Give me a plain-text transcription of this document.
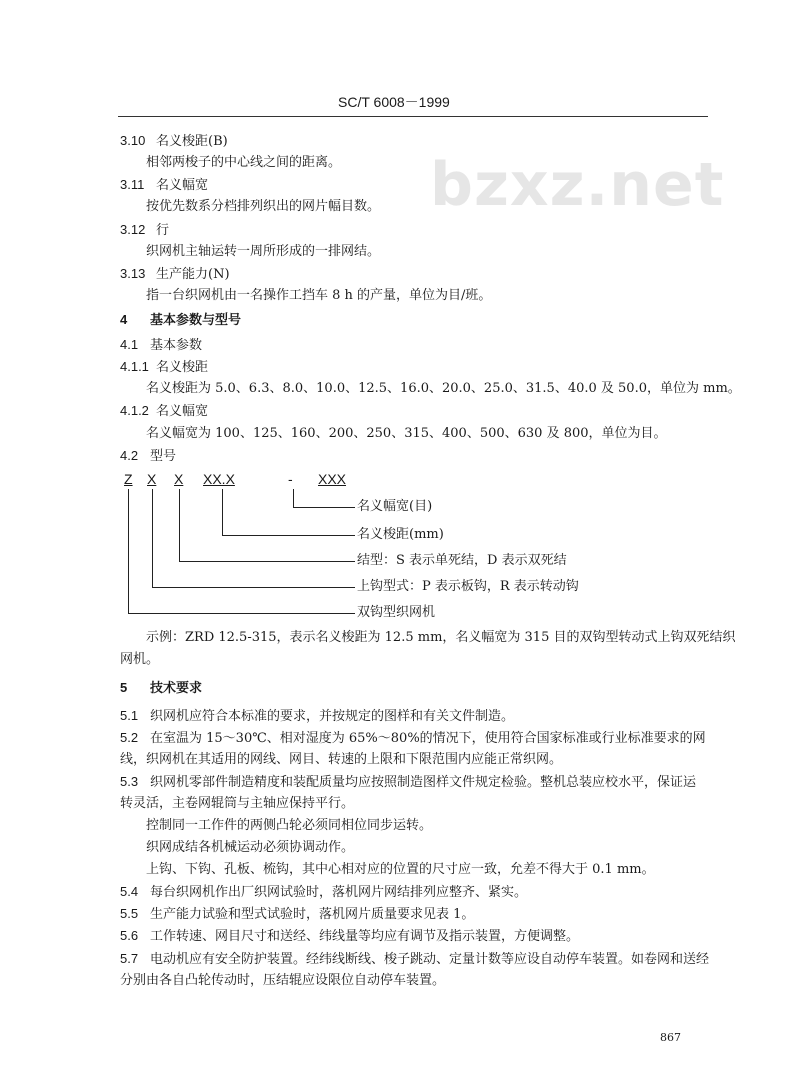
bzxz.net
SC/T 6008－1999
3.10 名义梭距(B)
相邻两梭子的中心线之间的距离。
3.11 名义幅宽
按优先数系分档排列织出的网片幅目数。
3.12 行
织网机主轴运转一周所形成的一排网结。
3.13 生产能力(N)
指一台织网机由一名操作工挡车 8 h 的产量，单位为目/班。
4 基本参数与型号
4.1 基本参数
4.1.1 名义梭距
名义梭距为 5.0、6.3、8.0、10.0、12.5、16.0、20.0、25.0、31.5、40.0 及 50.0，单位为 mm。
4.1.2 名义幅宽
名义幅宽为 100、125、160、200、250、315、400、500、630 及 800，单位为目。
4.2 型号
Z X X XX.X	- XXX
名义幅宽(目)
名义梭距(mm)
结型：S 表示单死结，D 表示双死结
上钩型式：P 表示板钩，R 表示转动钩
双钩型织网机
示例：ZRD 12.5-315，表示名义梭距为 12.5 mm，名义幅宽为 315 目的双钩型转动式上钩双死结织
网机。
5 技术要求
5.1 织网机应符合本标准的要求，并按规定的图样和有关文件制造。
5.2 在室温为 15～30℃、相对湿度为 65%～80%的情况下，使用符合国家标准或行业标准要求的网
线，织网机在其适用的网线、网目、转速的上限和下限范围内应能正常织网。
5.3 织网机零部件制造精度和装配质量均应按照制造图样文件规定检验。整机总装应校水平，保证运
转灵活，主卷网辊筒与主轴应保持平行。
控制同一工作件的两侧凸轮必须同相位同步运转。
织网成结各机械运动必须协调动作。
上钩、下钩、孔板、梳钩，其中心相对应的位置的尺寸应一致，允差不得大于 0.1 mm。
5.4 每台织网机作出厂织网试验时，落机网片网结排列应整齐、紧实。
5.5 生产能力试验和型式试验时，落机网片质量要求见表 1。
5.6 工作转速、网目尺寸和送经、纬线量等均应有调节及指示装置，方便调整。
5.7 电动机应有安全防护装置。经纬线断线、梭子跳动、定量计数等应设自动停车装置。如卷网和送经
分别由各自凸轮传动时，压结辊应设限位自动停车装置。
867
